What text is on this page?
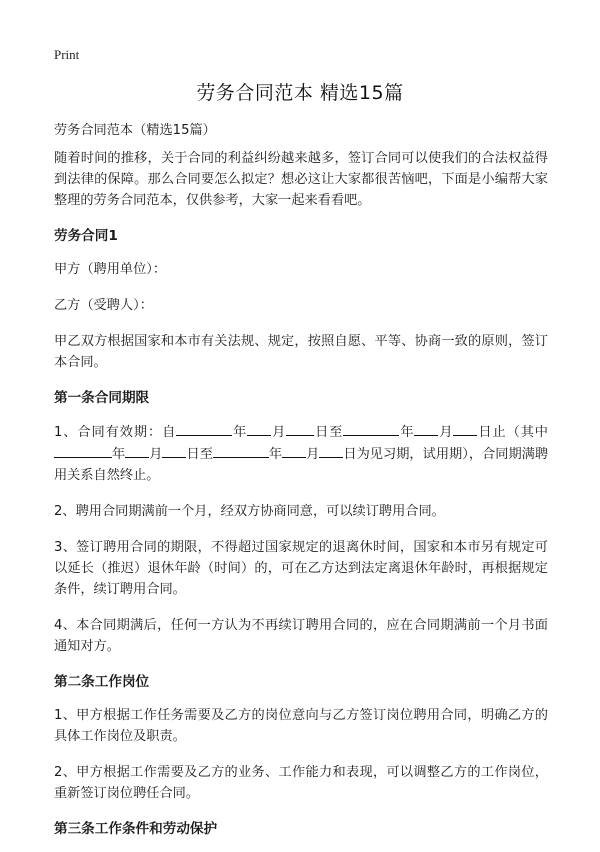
Print
劳务合同范本 精选15篇
劳务合同范本（精选15篇）
随着时间的推移，关于合同的利益纠纷越来越多，签订合同可以使我们的合法权益得到法律的保障。那么合同要怎么拟定？想必这让大家都很苦恼吧，下面是小编帮大家整理的劳务合同范本，仅供参考，大家一起来看看吧。
劳务合同1
甲方（聘用单位）：
乙方（受聘人）：
甲乙双方根据国家和本市有关法规、规定，按照自愿、平等、协商一致的原则，签订本合同。
第一条合同期限
1、合同有效期：自	年 月 日至	年 月 日止（其中年 月 日至	年 月 日为见习期，试用期），合同期满聘用关系自然终止。
2、聘用合同期满前一个月，经双方协商同意，可以续订聘用合同。
3、签订聘用合同的期限，不得超过国家规定的退离休时间，国家和本市另有规定可以延长（推迟）退休年龄（时间）的，可在乙方达到法定离退休年龄时，再根据规定条件，续订聘用合同。
4、本合同期满后，任何一方认为不再续订聘用合同的，应在合同期满前一个月书面通知对方。
第二条工作岗位
1、甲方根据工作任务需要及乙方的岗位意向与乙方签订岗位聘用合同，明确乙方的具体工作岗位及职责。
2、甲方根据工作需要及乙方的业务、工作能力和表现，可以调整乙方的工作岗位，重新签订岗位聘任合同。
第三条工作条件和劳动保护
